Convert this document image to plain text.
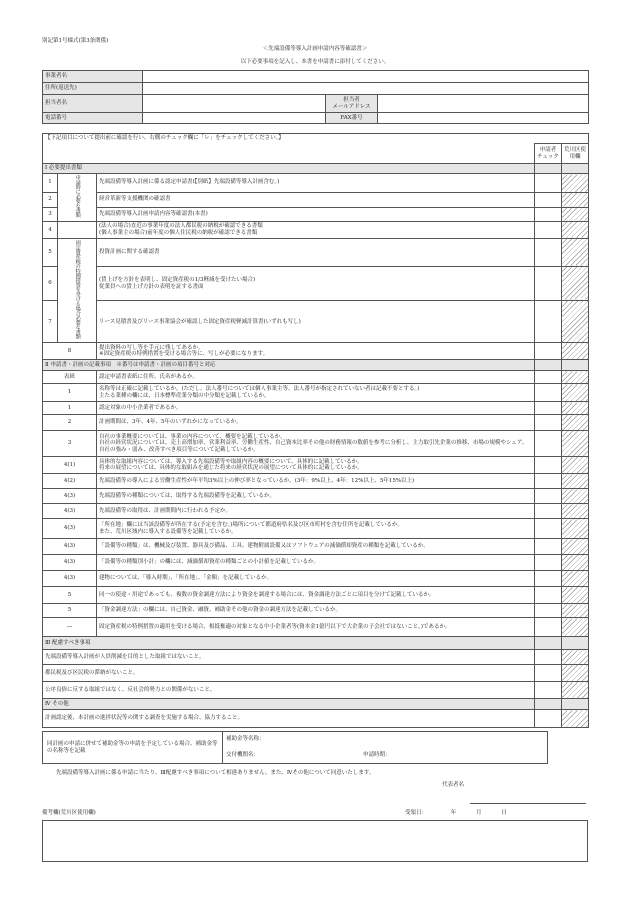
別記第1号様式(第3条関係)
＜先端設備等導入計画申請内容等確認書＞
以下必要事項を記入し、本書を申請書に添付してください。
事業者名			
住所(返送先)			
担当者名		担当者
メールアドレス	
電話番号		FAX番号	
【下記項目について提出前に確認を行い、右側のチェック欄に「レ」をチェックしてください。】				
			申請者チェック	荒川区使用欄
Ⅰ 必要提出書類				
1	申請時に必要な書類	先端設備等導入計画に係る認定申請書(【別紙】先端設備等導入計画含む。)		
2		経営革新等支援機関の確認書		
3		先端設備等導入計画申請内容等確認書(本書)		
4		(法人の場合)直近の事業年度の法人都民税の納税が確認できる書類
(個人事業主の場合)前年度の個人住民税の納税が確認できる書類		
5	固定資産税の特例措置を受ける場合必要な書類	投資計画に関する確認書		
6		(賃上げを方針を表明し、固定資産税の1/3軽減を受けたい場合)
従業員への賃上げ方針の表明を証する書面		
7		リース見積書及びリース事業協会が確認した固定資産税軽減計算書(いずれも写し)		
8		提出資料の写し等を手元に残してあるか。
※固定資産税の特例措置を受ける場合等に、写しが必要になります。		
Ⅱ 申請書・計画の記載事項　※番号は申請書・計画の項目番号と対応				
表紙		認定申請書表紙に住所、氏名があるか。		
1		名称等は正確に記載しているか。(ただし、法人番号については個人事業主等、法人番号が指定されていない者は記載不要とする。)
主たる業種の欄には、日本標準産業分類の中分類を記載しているか。		
1		認定対象の中小企業者であるか。		
2		計画期間は、3年、4年、5年のいずれかになっているか。		
3		自社の事業概要については、事業の内容について、概要を記載しているか。
自社の経営状況については、売上高増加率、営業利益率、労働生産性、自己資本比率その他の財務情報の数値を参考に分析し、主力取引先企業の推移、市場の規模やシェア、自社の強み・弱み、改善すべき項目等について記載しているか。		
4(1)		具体的な取組内容については、導入する先端設備等や取組内容の概要について、具体的に記載しているか。
将来の展望については、具体的な取組みを通じた将来の経営状況の展望について具体的に記載しているか。		
4(2)		先端設備等の導入による労働生産性が年平均3%以上の伸び率となっているか。(3年：9%以上、4年：12%以上、5年15%以上)		
4(3)		先端設備等の種類については、取得する先端設備等を記載しているか。		
4(3)		先端設備等の取得は、計画期間内に行われる予定か。		
4(3)		「所在地」欄には当該設備等が所在する(予定を含む。)場所について都道府県名及び区市町村を含む住所を記載しているか。
また、荒川区域内に導入する設備等を記載しているか。		
4(3)		「設備等の種類」は、機械及び装置、器具及び備品、工具、建物附属設備又はソフトウェアの減価償却資産の種類を記載しているか。		
4(3)		「設備等の種類別小計」の欄には、減価償却資産の種類ごとの小計値を記載しているか。		
4(3)		建物については、「導入時期」、「所在地」、「金額」を記載しているか。		
5		同一の使途・用途であっても、複数の資金調達方法により資金を調達する場合には、資金調達方法ごとに項目を分けて記載しているか。		
5		「資金調達方法」の欄には、自己資金、融資、補助金その他の資金の調達方法を記載しているか。		
—		固定資産税の特例措置の適用を受ける場合、根抵権適の対象となる中小企業者等(資本金1億円以下で大企業の子会社ではないこと。)であるか。		
Ⅲ 配慮すべき事項				
先端設備等導入計画が人員削減を目的とした取組ではないこと。				
都民税及び区民税の滞納がないこと。				
公序良俗に反する取組ではなく、反社会的勢力との関係がないこと。				
Ⅳ その他				
計画認定後、本計画の進捗状況等の関する調査を実施する場合、協力すること。				
同計画の申請に併せて補助金等の申請を予定している場合、補助金等の名称等を記載	
補助金等名称：
交付機関名：	申請時期：
先端設備等導入計画に係る申請に当たり、Ⅲ配慮すべき事項について相違ありません。また、Ⅳその他について同意いたします。
代表者名
備考欄(荒川区使用欄)	受領日：	年	月	日
